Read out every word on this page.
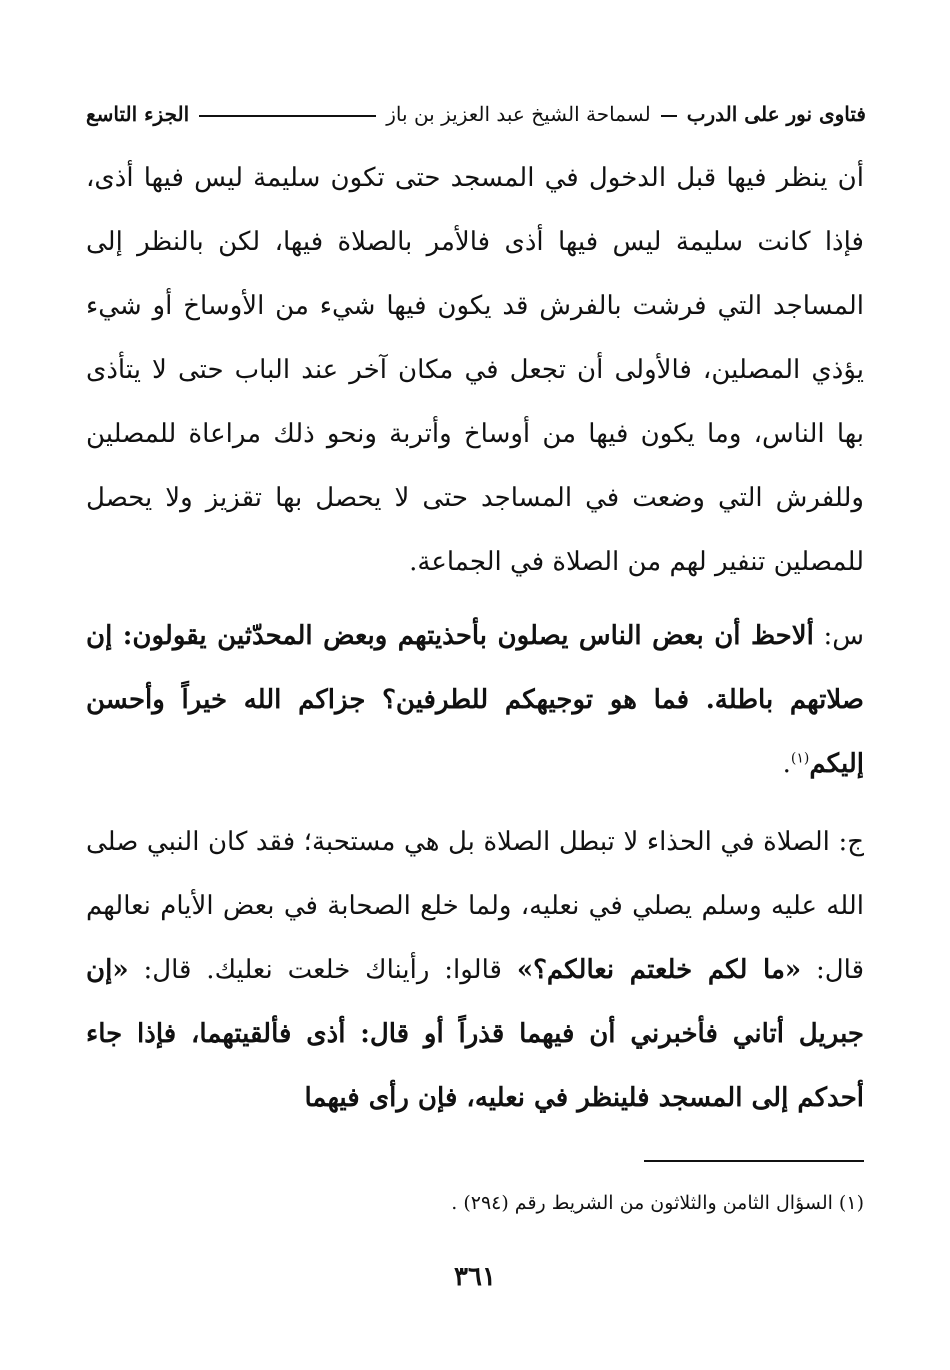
فتاوى نور على الدرب
لسماحة الشيخ عبد العزيز بن باز
الجزء التاسع

أن ينظر فيها قبل الدخول في المسجد حتى تكون سليمة ليس فيها أذى، فإذا كانت سليمة ليس فيها أذى فالأمر بالصلاة فيها، لكن بالنظر إلى المساجد التي فرشت بالفرش قد يكون فيها شيء من الأوساخ أو شيء يؤذي المصلين، فالأولى أن تجعل في مكان آخر عند الباب حتى لا يتأذى بها الناس، وما يكون فيها من أوساخ وأتربة ونحو ذلك مراعاة للمصلين وللفرش التي وضعت في المساجد حتى لا يحصل بها تقزيز ولا يحصل للمصلين تنفير لهم من الصلاة في الجماعة.

س: ألاحظ أن بعض الناس يصلون بأحذيتهم وبعض المحدّثين يقولون: إن صلاتهم باطلة. فما هو توجيهكم للطرفين؟ جزاكم الله خيراً وأحسن إليكم$^{(١)}$.

ج: الصلاة في الحذاء لا تبطل الصلاة بل هي مستحبة؛ فقد كان النبي صلى الله عليه وسلم يصلي في نعليه، ولما خلع الصحابة في بعض الأيام نعالهم قال: «ما لكم خلعتم نعالكم؟» قالوا: رأيناك خلعت نعليك. قال: «إن جبريل أتاني فأخبرني أن فيهما قذراً أو قال: أذى فألقيتهما، فإذا جاء أحدكم إلى المسجد فلينظر في نعليه، فإن رأى فيهما

(١) السؤال الثامن والثلاثون من الشريط رقم (٢٩٤) .
٣٦١
